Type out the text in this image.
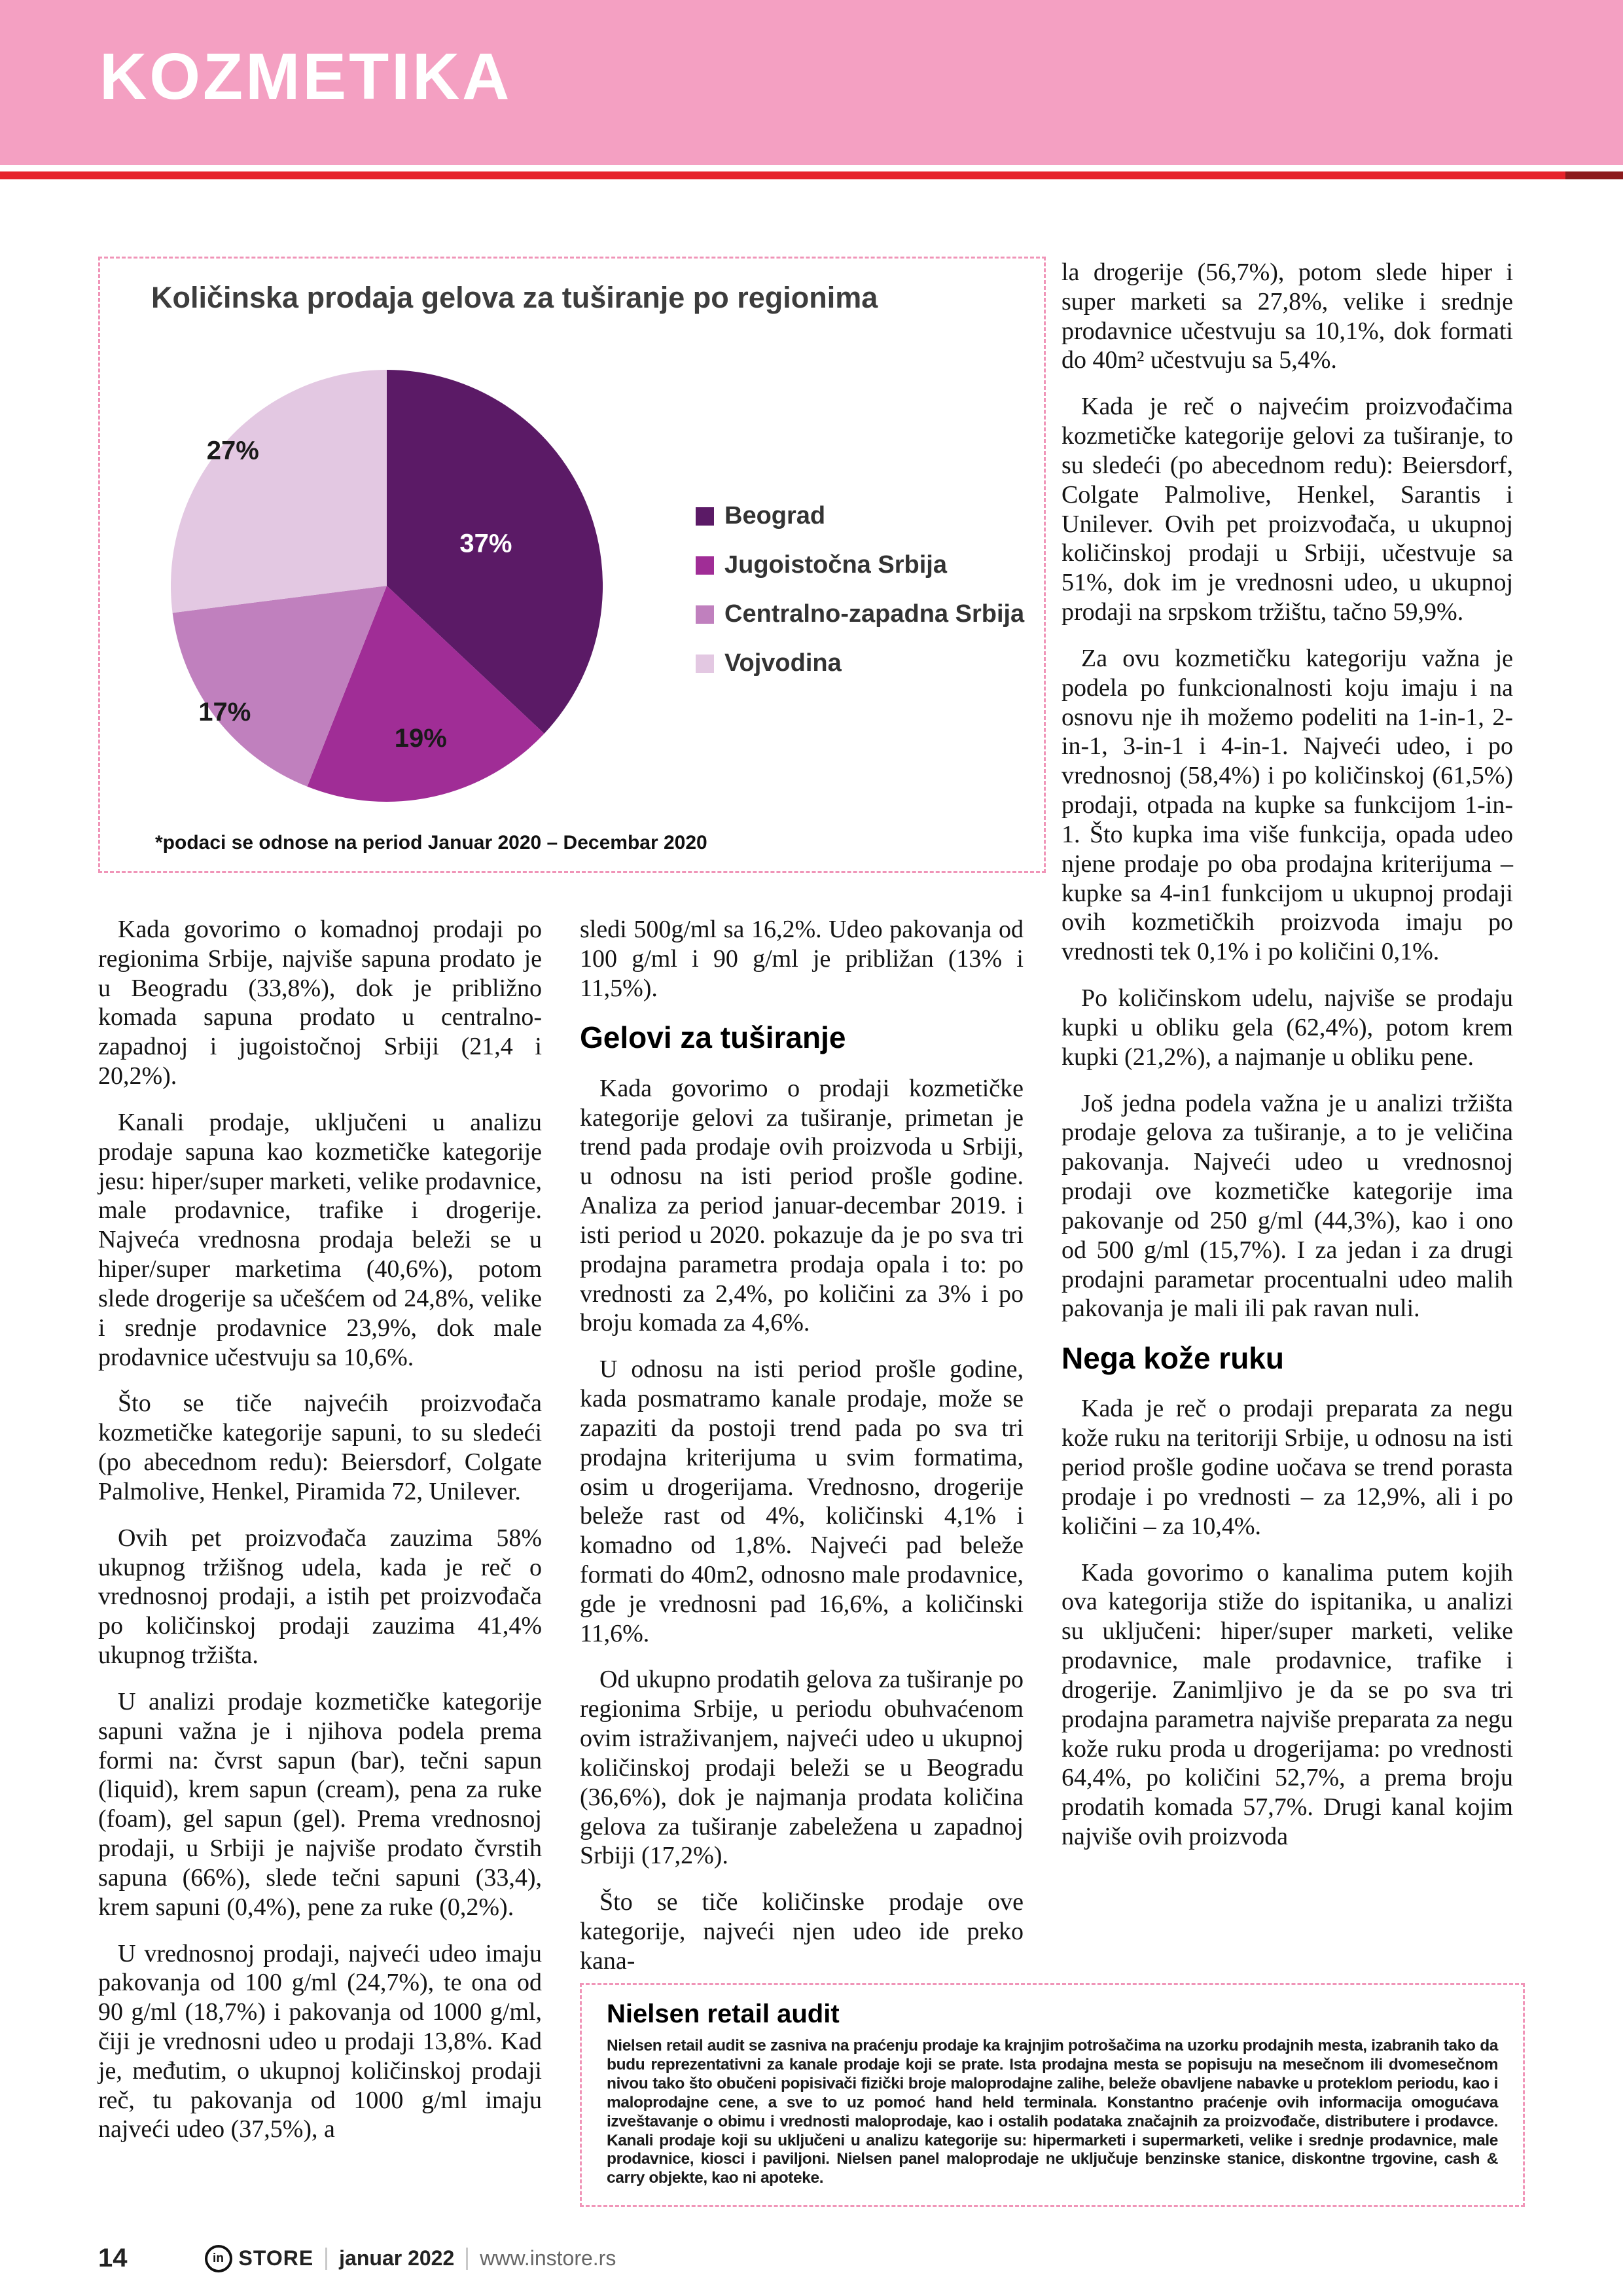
KOZMETIKA
Količinska prodaja gelova za tuširanje po regionima
37%
19%
17%
27%
Beograd
Jugoistočna Srbija
Centralno-zapadna Srbija
Vojvodina
*podaci se odnose na period Januar 2020 – Decembar 2020

Kada govorimo o komadnoj prodaji po regionima Srbije, najviše sapuna prodato je u Beogradu (33,8%), dok je približno komada sapuna prodato u centralno-zapadnoj i jugoistočnoj Srbiji (21,4 i 20,2%).

Kanali prodaje, uključeni u analizu prodaje sapuna kao kozmetičke kategorije jesu: hiper/super marketi, velike prodavnice, male prodavnice, trafike i drogerije. Najveća vrednosna prodaja beleži se u hiper/super marketima (40,6%), potom slede drogerije sa učešćem od 24,8%, velike i srednje prodavnice 23,9%, dok male prodavnice učestvuju sa 10,6%.

Što se tiče najvećih proizvođača kozmetičke kategorije sapuni, to su sledeći (po abecednom redu): Beiersdorf, Colgate Palmolive, Henkel, Piramida 72, Unilever.

Ovih pet proizvođača zauzima 58% ukupnog tržišnog udela, kada je reč o vrednosnoj prodaji, a istih pet proizvođača po količinskoj prodaji zauzima 41,4% ukupnog tržišta.

U analizi prodaje kozmetičke kategorije sapuni važna je i njihova podela prema formi na: čvrst sapun (bar), tečni sapun (liquid), krem sapun (cream), pena za ruke (foam), gel sapun (gel). Prema vrednosnoj prodaji, u Srbiji je najviše prodato čvrstih sapuna (66%), slede tečni sapuni (33,4), krem sapuni (0,4%), pene za ruke (0,2%).

U vrednosnoj prodaji, najveći udeo imaju pakovanja od 100 g/ml (24,7%), te ona od 90 g/ml (18,7%) i pakovanja od 1000 g/ml, čiji je vrednosni udeo u prodaji 13,8%. Kad je, međutim, o ukupnoj količinskoj prodaji reč, tu pakovanja od 1000 g/ml imaju najveći udeo (37,5%), a

sledi 500g/ml sa 16,2%. Udeo pakovanja od 100 g/ml i 90 g/ml je približan (13% i 11,5%).

Gelovi za tuširanje

Kada govorimo o prodaji kozmetičke kategorije gelovi za tuširanje, primetan je trend pada prodaje ovih proizvoda u Srbiji, u odnosu na isti period prošle godine. Analiza za period januar-decembar 2019. i isti period u 2020. pokazuje da je po sva tri prodajna parametra prodaja opala i to: po vrednosti za 2,4%, po količini za 3% i po broju komada za 4,6%.

U odnosu na isti period prošle godine, kada posmatramo kanale prodaje, može se zapaziti da postoji trend pada po sva tri prodajna kriterijuma u svim formatima, osim u drogerijama. Vrednosno, drogerije beleže rast od 4%, količinski 4,1% i komadno od 1,8%. Najveći pad beleže formati do 40m2, odnosno male prodavnice, gde je vrednosni pad 16,6%, a količinski 11,6%.

Od ukupno prodatih gelova za tuširanje po regionima Srbije, u periodu obuhvaćenom ovim istraživanjem, najveći udeo u ukupnoj količinskoj prodaji beleži se u Beogradu (36,6%), dok je najmanja prodata količina gelova za tuširanje zabeležena u zapadnoj Srbiji (17,2%).

Što se tiče količinske prodaje ove kategorije, najveći njen udeo ide preko kana-

la drogerije (56,7%), potom slede hiper i super marketi sa 27,8%, velike i srednje prodavnice učestvuju sa 10,1%, dok formati do 40m² učestvuju sa 5,4%.

Kada je reč o najvećim proizvođačima kozmetičke kategorije gelovi za tuširanje, to su sledeći (po abecednom redu): Beiersdorf, Colgate Palmolive, Henkel, Sarantis i Unilever. Ovih pet proizvođača, u ukupnoj količinskoj prodaji u Srbiji, učestvuje sa 51%, dok im je vrednosni udeo, u ukupnoj prodaji na srpskom tržištu, tačno 59,9%.

Za ovu kozmetičku kategoriju važna je podela po funkcionalnosti koju imaju i na osnovu nje ih možemo podeliti na 1-in-1, 2-in-1, 3-in-1 i 4-in-1. Najveći udeo, i po vrednosnoj (58,4%) i po količinskoj (61,5%) prodaji, otpada na kupke sa funkcijom 1-in-1. Što kupka ima više funkcija, opada udeo njene prodaje po oba prodajna kriterijuma – kupke sa 4-in1 funkcijom u ukupnoj prodaji ovih kozmetičkih proizvoda imaju po vrednosti tek 0,1% i po količini 0,1%.

Po količinskom udelu, najviše se prodaju kupki u obliku gela (62,4%), potom krem kupki (21,2%), a najmanje u obliku pene.

Još jedna podela važna je u analizi tržišta prodaje gelova za tuširanje, a to je veličina pakovanja. Najveći udeo u vrednosnoj prodaji ove kozmetičke kategorije ima pakovanje od 250 g/ml (44,3%), kao i ono od 500 g/ml (15,7%). I za jedan i za drugi prodajni parametar procentualni udeo malih pakovanja je mali ili pak ravan nuli.

Nega kože ruku

Kada je reč o prodaji preparata za negu kože ruku na teritoriji Srbije, u odnosu na isti period prošle godine uočava se trend porasta prodaje i po vrednosti – za 12,9%, ali i po količini – za 10,4%.

Kada govorimo o kanalima putem kojih ova kategorija stiže do ispitanika, u analizi su uključeni: hiper/super marketi, velike prodavnice, male prodavnice, trafike i drogerije. Zanimljivo je da se po sva tri prodajna parametra najviše preparata za negu kože ruku proda u drogerijama: po vrednosti 64,4%, po količini 52,7%, a prema broju prodatih komada 57,7%. Drugi kanal kojim najviše ovih proizvoda

Nielsen retail audit

Nielsen retail audit se zasniva na praćenju prodaje ka krajnjim potrošačima na uzorku prodajnih mesta, izabranih tako da budu reprezentativni za kanale prodaje koji se prate. Ista prodajna mesta se popisuju na mesečnom ili dvomesečnom nivou tako što obučeni popisivači fizički broje maloprodajne zalihe, beleže obavljene nabavke u proteklom periodu, kao i maloprodajne cene, a sve to uz pomoć hand held terminala. Konstantno praćenje ovih informacija omogućava izveštavanje o obimu i vrednosti maloprodaje, kao i ostalih podataka značajnih za proizvođače, distributere i prodavce. Kanali prodaje koji su uključeni u analizu kategorije su: hipermarketi i supermarketi, velike i srednje prodavnice, male prodavnice, kiosci i paviljoni. Nielsen panel maloprodaje ne uključuje benzinske stanice, diskontne trgovine, cash & carry objekte, kao ni apoteke.

14	in STORE januar 2022 www.instore.rs
